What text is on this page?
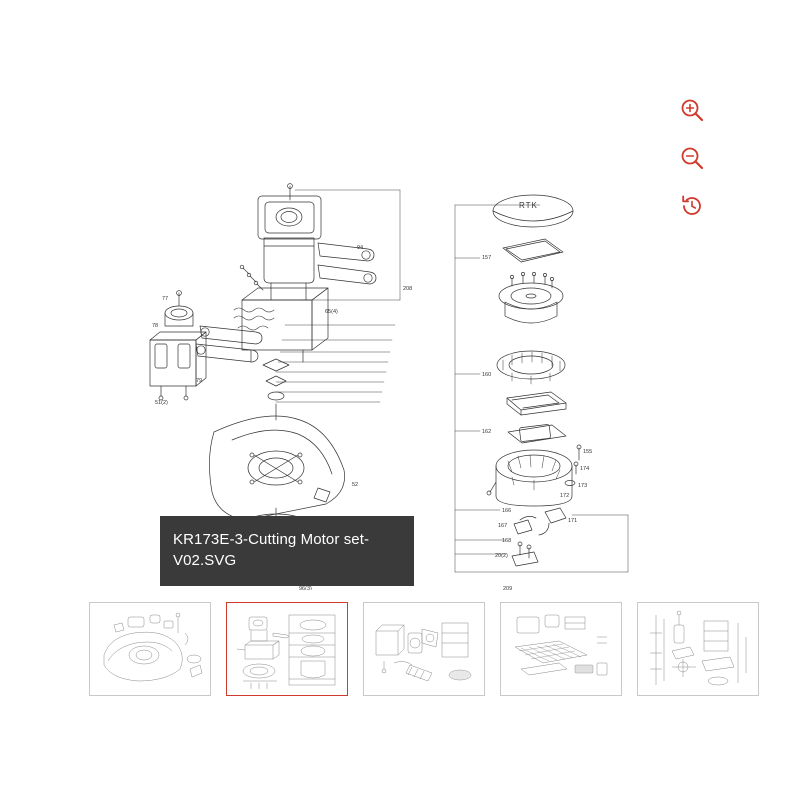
RTK
208
94
65(4)
77
78
79
51(2)
52
96(3)
157
160
162
155
174
173
172
166
167
171
168
20(2)
209
KR173E-3-Cutting Motor set-V02.SVG
